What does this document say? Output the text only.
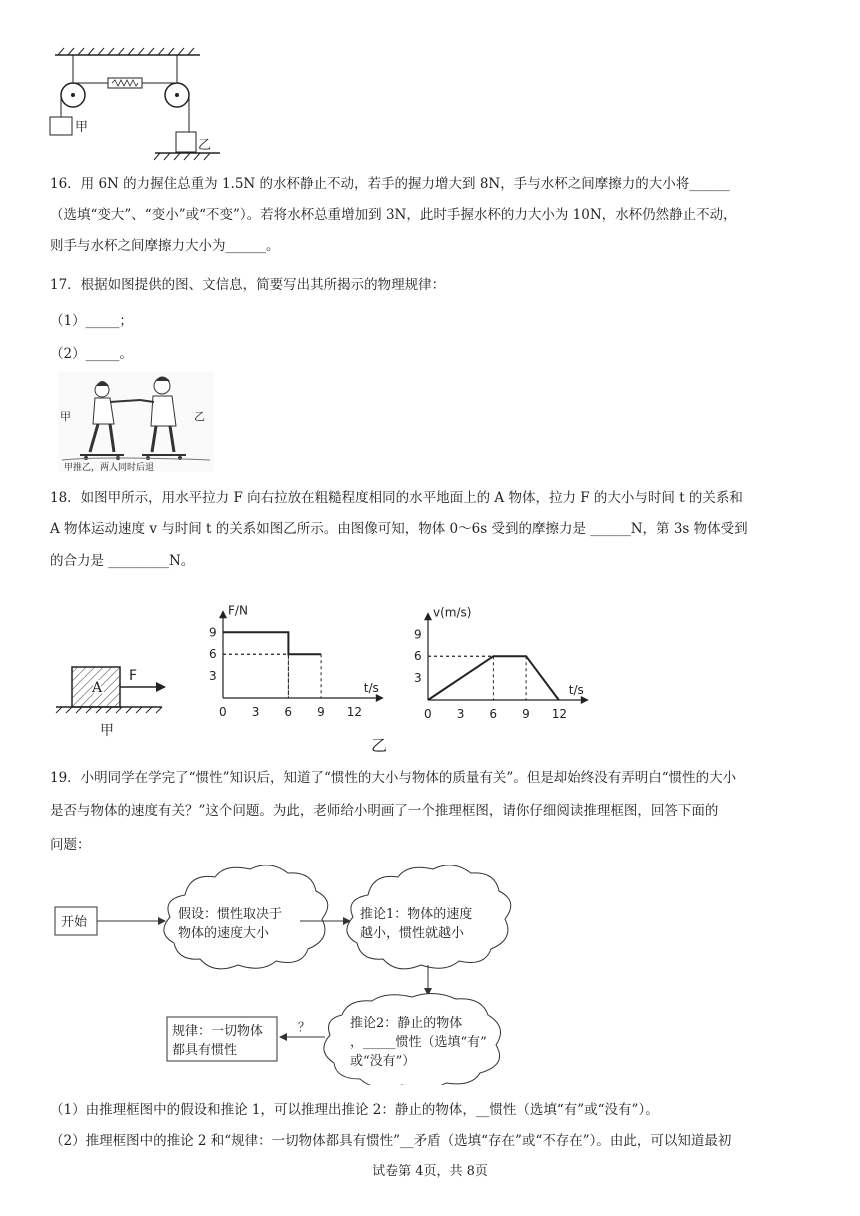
甲
乙
16．用 6N 的力握住总重为 1.5N 的水杯静止不动，若手的握力增大到 8N，手与水杯之间摩擦力的大小将______
（选填“变大”、“变小”或“不变”）。若将水杯总重增加到 3N，此时手握水杯的力大小为 10N，水杯仍然静止不动，
则手与水杯之间摩擦力大小为______。
17．根据如图提供的图、文信息，简要写出其所揭示的物理规律：
（1）_____；
（2）_____。
甲	乙
甲推乙，两人同时后退
18．如图甲所示，用水平拉力 F 向右拉放在粗糙程度相同的水平地面上的 A 物体，拉力 F 的大小与时间 t 的关系和
A 物体运动速度 v 与时间 t 的关系如图乙所示。由图像可知，物体 0～6s 受到的摩擦力是 ______N，第 3s 物体受到
的合力是 _________N。
A
F
甲
0 3 6 9 12
3
6
9
F/N
t/s
0 3 6 9 12
3
6
9
v(m/s)
t/s
乙
19．小明同学在学完了“惯性”知识后，知道了“惯性的大小与物体的质量有关”。但是却始终没有弄明白“惯性的大小
是否与物体的速度有关？”这个问题。为此，老师给小明画了一个推理框图，请你仔细阅读推理框图，回答下面的
问题：
开始
假设：惯性取决于
物体的速度大小
推论1：物体的速度
越小，惯性就越小
推论2：静止的物体
，_____惯性（选填“有”
或“没有”）
？
规律：一切物体
都具有惯性
（1）由推理框图中的假设和推论 1，可以推理出推论 2：静止的物体，__惯性（选填“有”或“没有”）。
（2）推理框图中的推论 2 和“规律：一切物体都具有惯性”__矛盾（选填“存在”或“不存在”）。由此，可以知道最初
试卷第 4页，共 8页
